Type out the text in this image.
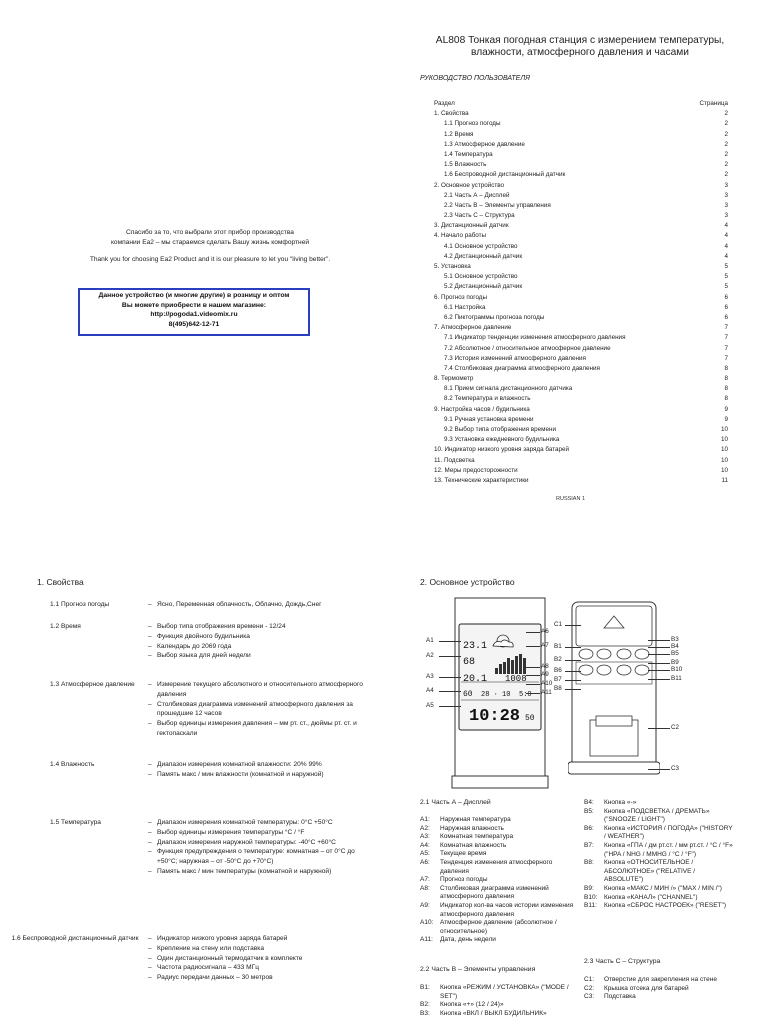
Спасибо за то, что выбрали этот прибор производства
компании Ea2 – мы стараемся сделать Вашу жизнь комфортней

Thank you for choosing Ea2 Product and it is our pleasure to let you "living better".

Данное устройство (и многие другие) в розницу и оптом
Вы можете приобрести в нашем магазине:
http://pogoda1.videomix.ru
8(495)642-12-71
AL808 Тонкая погодная станция с измерением температуры,
влажности, атмосферного давления и часами
РУКОВОДСТВО ПОЛЬЗОВАТЕЛЯ
Раздел	Страница
1. Свойства	2
1.1 Прогноз погоды	2
1.2 Время	2
1.3 Атмосферное давление	2
1.4 Температура	2
1.5 Влажность	2
1.6 Беспроводной дистанционный датчик	2
2. Основное устройство	3
2.1 Часть А – Дисплей	3
2.2 Часть В – Элементы управления	3
2.3 Часть С – Структура	3
3. Дистанционный датчик	4
4. Начало работы	4
4.1 Основное устройство	4
4.2 Дистанционный датчик	4
5. Установка	5
5.1 Основное устройство	5
5.2 Дистанционный датчик	5
6. Прогноз погоды	6
6.1 Настройка	6
6.2 Пиктограммы прогноза погоды	6
7. Атмосферное давление	7
7.1 Индикатор тенденции изменения атмосферного давления	7
7.2 Абсолютное / относительное атмосферное давление	7
7.3 История изменений атмосферного давления	7
7.4 Столбиковая диаграмма атмосферного давления	8
8. Термометр	8
8.1 Прием сигнала дистанционного датчика	8
8.2 Температура и влажность	8
9. Настройка часов / будильника	9
9.1 Ручная установка времени	9
9.2 Выбор типа отображения времени	10
9.3 Установка ежедневного будильника	10
10. Индикатор низкого уровня заряда батарей	10
11. Подсветка	10
12. Меры предосторожности	10
13. Технические характеристики	11
RUSSIAN 1
1. Свойства
1.1 Прогноз погоды	– Ясно, Переменная облачность, Облачно, Дождь,Снег
1.2 Время	– Выбор типа отображения времени - 12/24
– Функция двойного будильника
– Календарь до 2069 года
– Выбор языка для дней недели
1.3 Атмосферное давление	– Измерение текущего абсолютного и относительного атмосферного давления
– Столбиковая диаграмма изменений атмосферного давления за прошедшие 12 часов
– Выбор единицы измерения давления – мм рт. ст., дюймы рт. ст. и гектопаскали
1.4 Влажность	– Диапазон измерения комнатной влажности: 20% 99%
– Память макс / мин влажности (комнатной и наружной)
1.5 Температура	– Диапазон измерения комнатной температуры: 0°C +50°C
– Выбор единицы измерения температуры °C / °F
– Диапазон измерения наружной температуры: -40°C +60°C
– Функция предупреждения о температуре: комнатная – от 0°C до +50°C; наружная – от -50°C до +70°C)
– Память макс / мин температуры (комнатной и наружной)
1.6 Беспроводной дистанционный датчик	– Индикатор низкого уровня заряда батарей
– Крепление на стену или подставка
– Один дистанционный термодатчик в комплекте
– Частота радиосигнала – 433 МГц
– Радиус передачи данных – 30 метров
2. Основное устройство
23.1
68
20.1 1008
60 28 · 10 5:0
10:28 50
A1
A2
A3
A4
A5
A6
A7
A8
A9
A10
A11
C1
B1
B2
B6
B7
B8
B3
B4
B5
B9
B10
B11
C2
C3
2.1 Часть А – Дисплей
A1:	Наружная температура
A2:	Наружная влажность
A3:	Комнатная температура
A4:	Комнатная влажность
A5:	Текущее время
A6:	Тенденция изменения атмосферного давления
A7:	Прогноз погоды
A8:	Столбиковая диаграмма изменений атмосферного давления
A9:	Индикатор кол-ва часов истории изменения атмосферного давления
A10:	Атмосферное давление (абсолютное / относительное)
A11:	Дата, день недели
2.2 Часть В – Элементы управления
B1:	Кнопка «РЕЖИМ / УСТАНОВКА» ("MODE / SET")
B2:	Кнопка «+» (12 / 24)»
B3:	Кнопка «ВКЛ / ВЫКЛ БУДИЛЬНИК»
B4:	Кнопка «-»
B5:	Кнопка «ПОДСВЕТКА / ДРЕМАТЬ» ("SNOOZE / LIGHT")
B6:	Кнопка «ИСТОРИЯ / ПОГОДА» ("HISTORY / WEATHER")
B7:	Кнопка «ГПА / дм рт.ст. / мм рт.ст. / °C / °F» ("HPA / NHG / MMHG / °C / °F")
B8:	Кнопка «ОТНОСИТЕЛЬНОЕ / АБСОЛЮТНОЕ» ("RELATIVE / ABSOLUTE")
B9:	Кнопка «МАКС / МИН /» ("MAX / MIN /")
B10:	Кнопка «КАНАЛ» ("CHANNEL")
B11:	Кнопка «СБРОС НАСТРОЕК» ("RESET")
2.3 Часть С – Структура
C1:	Отверстие для закрепления на стене
C2:	Крышка отсека для батарей
C3:	Подставка
